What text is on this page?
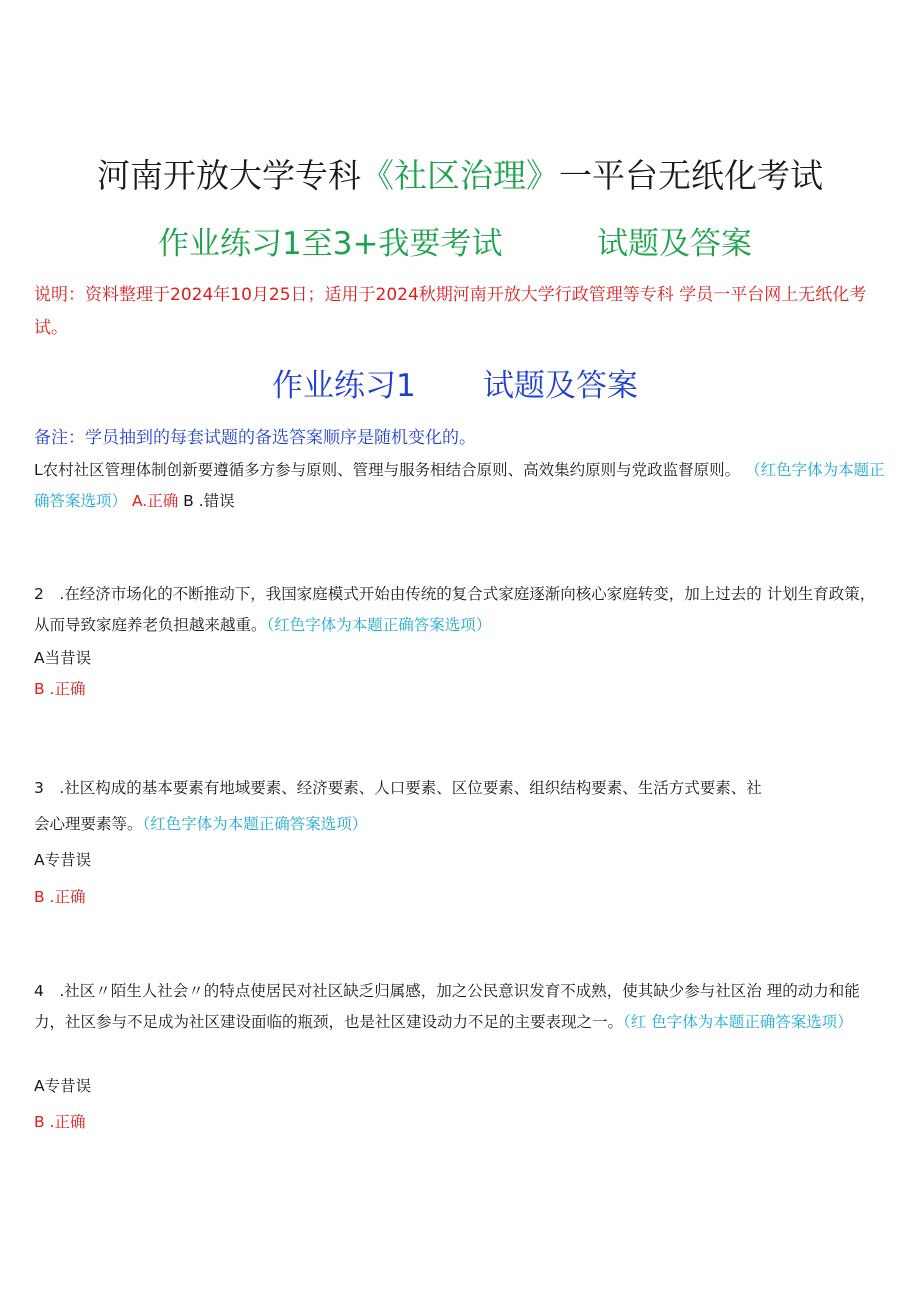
河南开放大学专科《社区治理》一平台无纸化考试
作业练习1至3+我要考试	试题及答案
说明：资料整理于2024年10月25日；适用于2024秋期河南开放大学行政管理等专科 学员一平台网上无纸化考试。
作业练习1 试题及答案
备注：学员抽到的每套试题的备选答案顺序是随机变化的。
L农村社区管理体制创新要遵循多方参与原则、管理与服务相结合原则、高效集约原则与党政监督原则。 （红色字体为本题正确答案选项） A.正确 B .错误
2　.在经济市场化的不断推动下，我国家庭模式开始由传统的复合式家庭逐渐向核心家庭转变，加上过去的 计划生育政策，从而导致家庭养老负担越来越重。（红色字体为本题正确答案选项）
A当昔误
B .正确
3　.社区构成的基本要素有地域要素、经济要素、人口要素、区位要素、组织结构要素、生活方式要素、社
会心理要素等。（红色字体为本题正确答案选项）
A专昔误
B .正确
4　.社区〃陌生人社会〃的特点使居民对社区缺乏归属感，加之公民意识发育不成熟，使其缺少参与社区治 理的动力和能力，社区参与不足成为社区建设面临的瓶颈，也是社区建设动力不足的主要表现之一。（红 色字体为本题正确答案选项）
A专昔误
B .正确
